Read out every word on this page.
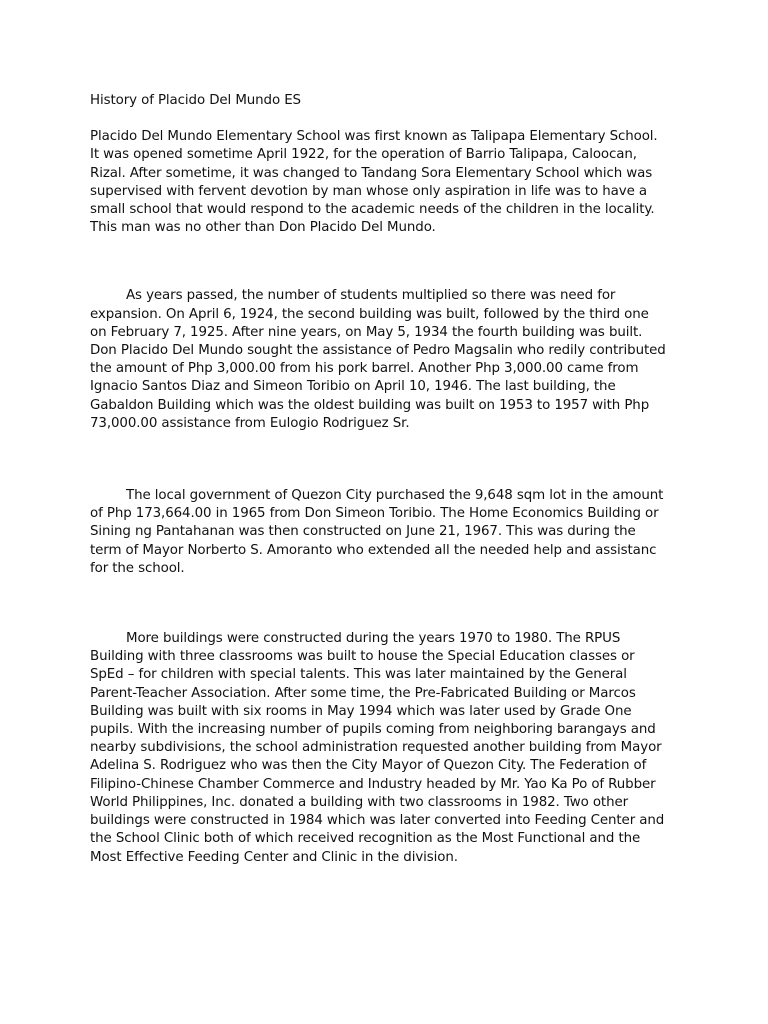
History of Placido Del Mundo ES
Placido Del Mundo Elementary School was first known as Talipapa Elementary School.
It was opened sometime April 1922, for the operation of Barrio Talipapa, Caloocan,
Rizal. After sometime, it was changed to Tandang Sora Elementary School which was
supervised with fervent devotion by man whose only aspiration in life was to have a
small school that would respond to the academic needs of the children in the locality.
This man was no other than Don Placido Del Mundo.
As years passed, the number of students multiplied so there was need for
expansion. On April 6, 1924, the second building was built, followed by the third one
on February 7, 1925. After nine years, on May 5, 1934 the fourth building was built.
Don Placido Del Mundo sought the assistance of Pedro Magsalin who redily contributed
the amount of Php 3,000.00 from his pork barrel. Another Php 3,000.00 came from
Ignacio Santos Diaz and Simeon Toribio on April 10, 1946. The last building, the
Gabaldon Building which was the oldest building was built on 1953 to 1957 with Php
73,000.00 assistance from Eulogio Rodriguez Sr.
The local government of Quezon City purchased the 9,648 sqm lot in the amount
of Php 173,664.00 in 1965 from Don Simeon Toribio. The Home Economics Building or
Sining ng Pantahanan was then constructed on June 21, 1967. This was during the
term of Mayor Norberto S. Amoranto who extended all the needed help and assistanc
for the school.
More buildings were constructed during the years 1970 to 1980. The RPUS
Building with three classrooms was built to house the Special Education classes or
SpEd – for children with special talents. This was later maintained by the General
Parent-Teacher Association. After some time, the Pre-Fabricated Building or Marcos
Building was built with six rooms in May 1994 which was later used by Grade One
pupils. With the increasing number of pupils coming from neighboring barangays and
nearby subdivisions, the school administration requested another building from Mayor
Adelina S. Rodriguez who was then the City Mayor of Quezon City. The Federation of
Filipino-Chinese Chamber Commerce and Industry headed by Mr. Yao Ka Po of Rubber
World Philippines, Inc. donated a building with two classrooms in 1982. Two other
buildings were constructed in 1984 which was later converted into Feeding Center and
the School Clinic both of which received recognition as the Most Functional and the
Most Effective Feeding Center and Clinic in the division.
